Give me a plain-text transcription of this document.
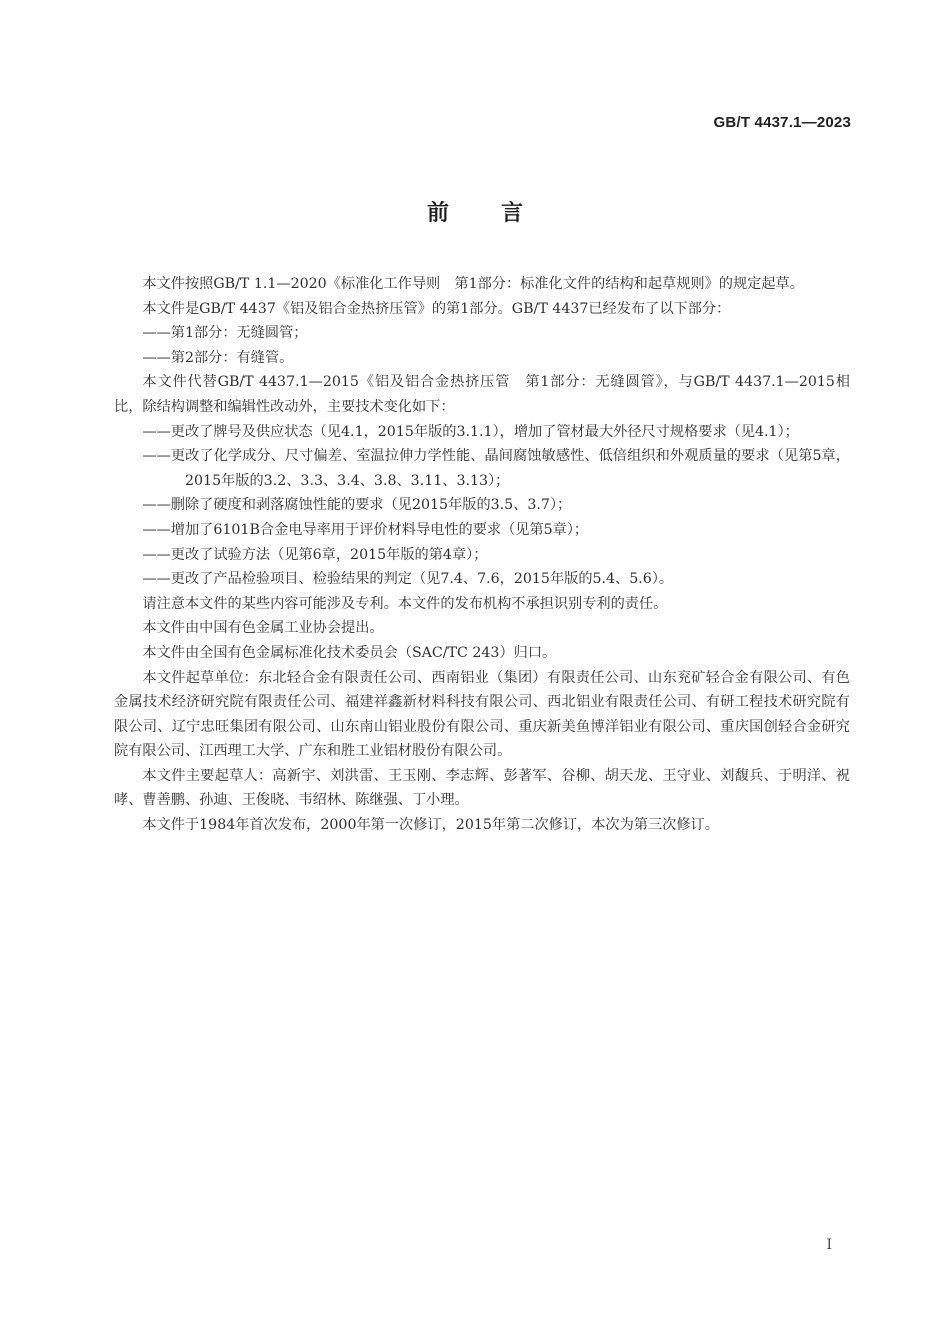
GB/T 4437.1—2023
前言

本文件按照GB/T 1.1—2020《标准化工作导则　第1部分：标准化文件的结构和起草规则》的规定起草。

本文件是GB/T 4437《铝及铝合金热挤压管》的第1部分。GB/T 4437已经发布了以下部分：

——第1部分：无缝圆管；

——第2部分：有缝管。

本文件代替GB/T 4437.1—2015《铝及铝合金热挤压管　第1部分：无缝圆管》，与GB/T 4437.1—2015相比，除结构调整和编辑性改动外，主要技术变化如下：

——更改了牌号及供应状态（见4.1，2015年版的3.1.1），增加了管材最大外径尺寸规格要求（见4.1）；

——更改了化学成分、尺寸偏差、室温拉伸力学性能、晶间腐蚀敏感性、低倍组织和外观质量的要求（见第5章，2015年版的3.2、3.3、3.4、3.8、3.11、3.13）；

——删除了硬度和剥落腐蚀性能的要求（见2015年版的3.5、3.7）；

——增加了6101B合金电导率用于评价材料导电性的要求（见第5章）；

——更改了试验方法（见第6章，2015年版的第4章）；

——更改了产品检验项目、检验结果的判定（见7.4、7.6，2015年版的5.4、5.6）。

请注意本文件的某些内容可能涉及专利。本文件的发布机构不承担识别专利的责任。

本文件由中国有色金属工业协会提出。

本文件由全国有色金属标准化技术委员会（SAC/TC 243）归口。

本文件起草单位：东北轻合金有限责任公司、西南铝业（集团）有限责任公司、山东兖矿轻合金有限公司、有色金属技术经济研究院有限责任公司、福建祥鑫新材料科技有限公司、西北铝业有限责任公司、有研工程技术研究院有限公司、辽宁忠旺集团有限公司、山东南山铝业股份有限公司、重庆新美鱼博洋铝业有限公司、重庆国创轻合金研究院有限公司、江西理工大学、广东和胜工业铝材股份有限公司。

本文件主要起草人：高新宇、刘洪雷、王玉刚、李志辉、彭著军、谷柳、胡天龙、王守业、刘馥兵、于明洋、祝哮、曹善鹏、孙迪、王俊晓、韦绍林、陈继强、丁小理。

本文件于1984年首次发布，2000年第一次修订，2015年第二次修订，本次为第三次修订。

I
